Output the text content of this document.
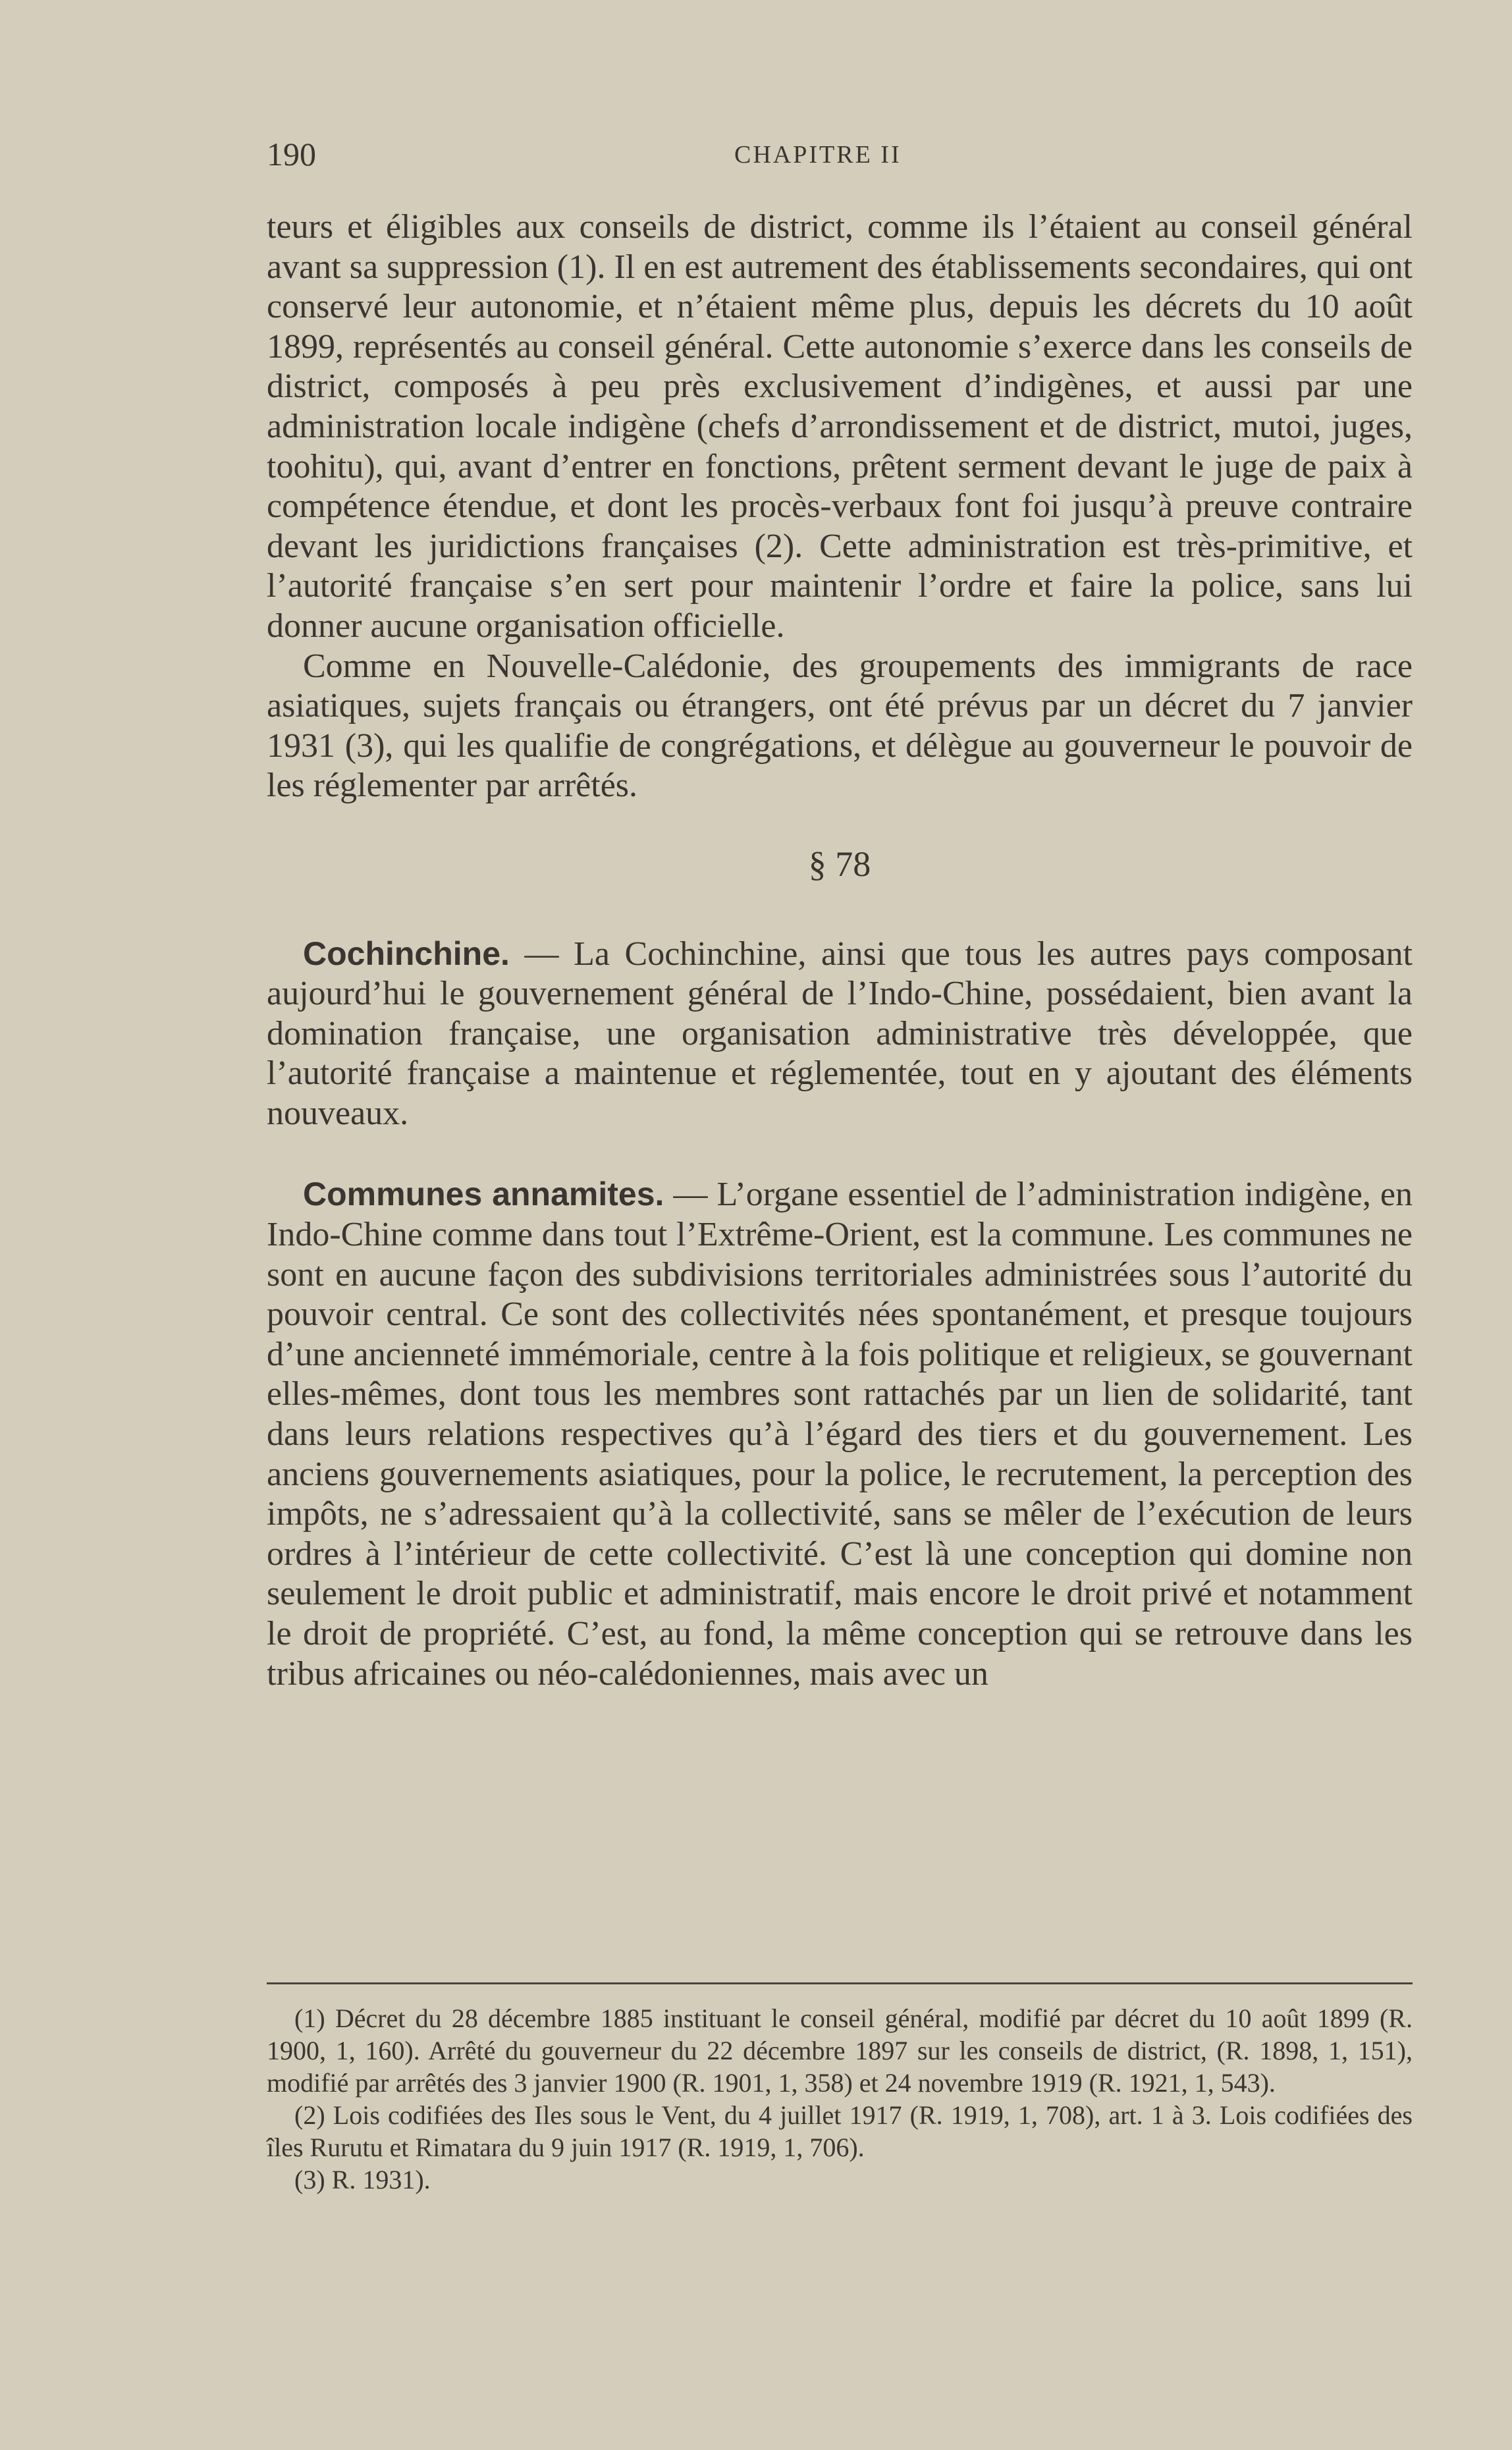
190	CHAPITRE II

teurs et éligibles aux conseils de district, comme ils l’étaient au conseil général avant sa suppression (1). Il en est autrement des établissements secondaires, qui ont conservé leur autonomie, et n’étaient même plus, depuis les décrets du 10 août 1899, représentés au conseil général. Cette autonomie s’exerce dans les conseils de district, composés à peu près exclusivement d’indigènes, et aussi par une administration locale indigène (chefs d’arrondissement et de district, mutoi, juges, toohitu), qui, avant d’entrer en fonctions, prêtent serment devant le juge de paix à compétence étendue, et dont les procès-verbaux font foi jusqu’à preuve contraire devant les juridictions françaises (2). Cette administration est très-primitive, et l’autorité française s’en sert pour maintenir l’ordre et faire la police, sans lui donner aucune organisation officielle.

Comme en Nouvelle-Calédonie, des groupements des immigrants de race asiatiques, sujets français ou étrangers, ont été prévus par un décret du 7 janvier 1931 (3), qui les qualifie de congrégations, et délègue au gouverneur le pouvoir de les réglementer par arrêtés.

§ 78

Cochinchine. — La Cochinchine, ainsi que tous les autres pays composant aujourd’hui le gouvernement général de l’Indo-Chine, possédaient, bien avant la domination française, une organisation administrative très développée, que l’autorité française a maintenue et réglementée, tout en y ajoutant des éléments nouveaux.

Communes annamites. — L’organe essentiel de l’administration indigène, en Indo-Chine comme dans tout l’Extrême-Orient, est la commune. Les communes ne sont en aucune façon des subdivisions territoriales administrées sous l’autorité du pouvoir central. Ce sont des collectivités nées spontanément, et presque toujours d’une ancienneté immémoriale, centre à la fois politique et religieux, se gouvernant elles-mêmes, dont tous les membres sont rattachés par un lien de solidarité, tant dans leurs relations respectives qu’à l’égard des tiers et du gouvernement. Les anciens gouvernements asiatiques, pour la police, le recrutement, la perception des impôts, ne s’adressaient qu’à la collectivité, sans se mêler de l’exécution de leurs ordres à l’intérieur de cette collectivité. C’est là une conception qui domine non seulement le droit public et administratif, mais encore le droit privé et notamment le droit de propriété. C’est, au fond, la même conception qui se retrouve dans les tribus africaines ou néo-calédoniennes, mais avec un

(1) Décret du 28 décembre 1885 instituant le conseil général, modifié par décret du 10 août 1899 (R. 1900, 1, 160). Arrêté du gouverneur du 22 décembre 1897 sur les conseils de district, (R. 1898, 1, 151), modifié par arrêtés des 3 janvier 1900 (R. 1901, 1, 358) et 24 novembre 1919 (R. 1921, 1, 543).

(2) Lois codifiées des Iles sous le Vent, du 4 juillet 1917 (R. 1919, 1, 708), art. 1 à 3. Lois codifiées des îles Rurutu et Rimatara du 9 juin 1917 (R. 1919, 1, 706).

(3) R. 1931).
